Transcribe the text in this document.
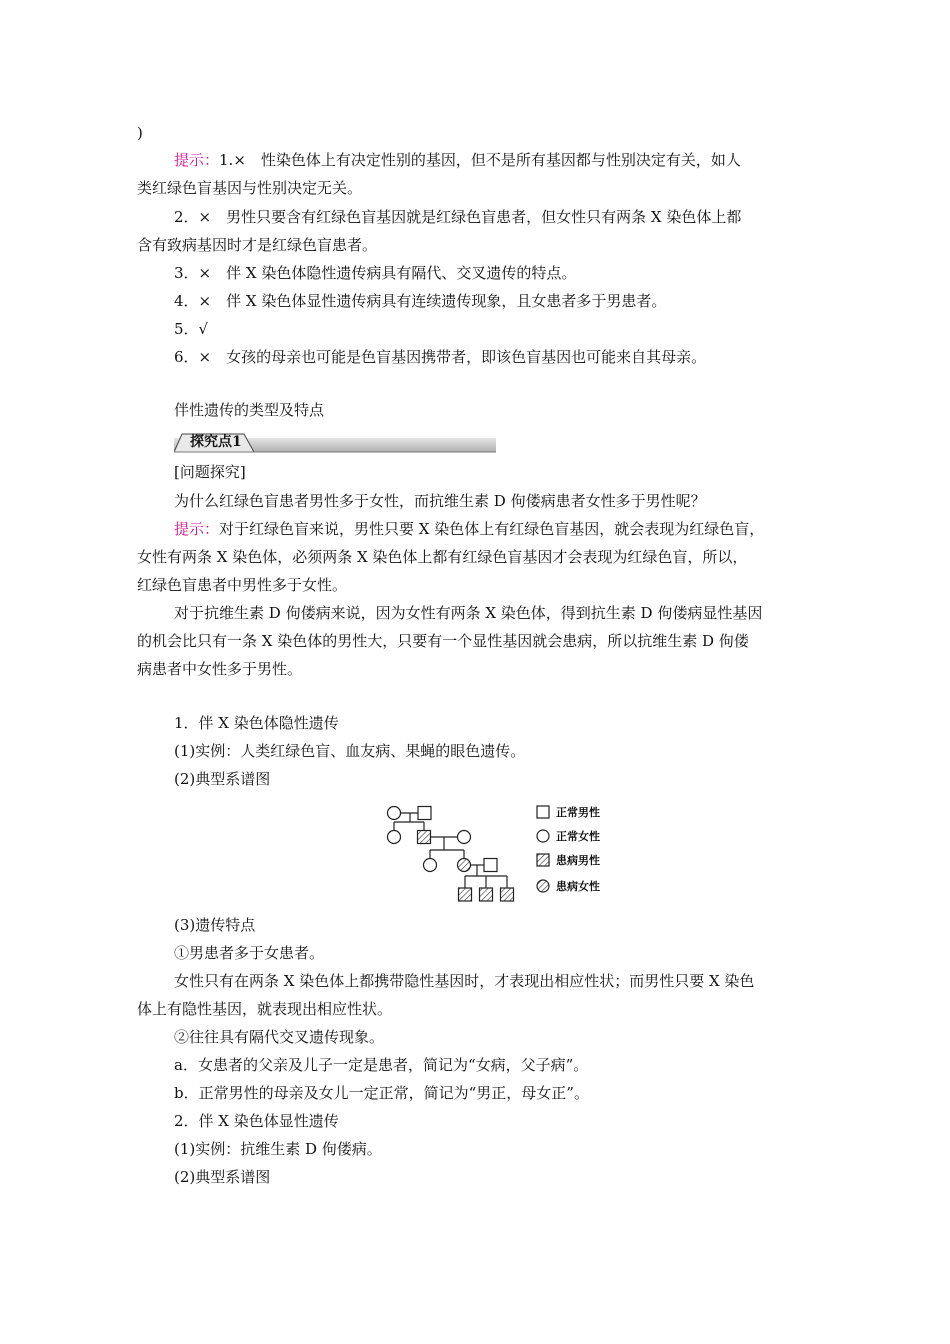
)
提示：1.×　性染色体上有决定性别的基因，但不是所有基因都与性别决定有关，如人
类红绿色盲基因与性别决定无关。
2．×　男性只要含有红绿色盲基因就是红绿色盲患者，但女性只有两条 X 染色体上都
含有致病基因时才是红绿色盲患者。
3．×　伴 X 染色体隐性遗传病具有隔代、交叉遗传的特点。
4．×　伴 X 染色体显性遗传病具有连续遗传现象，且女患者多于男患者。
5．√
6．×　女孩的母亲也可能是色盲基因携带者，即该色盲基因也可能来自其母亲。
伴性遗传的类型及特点
探究点1
[问题探究]
为什么红绿色盲患者男性多于女性，而抗维生素 D 佝偻病患者女性多于男性呢？
提示：对于红绿色盲来说，男性只要 X 染色体上有红绿色盲基因，就会表现为红绿色盲，
女性有两条 X 染色体，必须两条 X 染色体上都有红绿色盲基因才会表现为红绿色盲，所以，
红绿色盲患者中男性多于女性。
对于抗维生素 D 佝偻病来说，因为女性有两条 X 染色体，得到抗生素 D 佝偻病显性基因
的机会比只有一条 X 染色体的男性大，只要有一个显性基因就会患病，所以抗维生素 D 佝偻
病患者中女性多于男性。
1．伴 X 染色体隐性遗传
(1)实例：人类红绿色盲、血友病、果蝇的眼色遗传。
(2)典型系谱图
正常男性
正常女性
患病男性
患病女性
(3)遗传特点
①男患者多于女患者。
女性只有在两条 X 染色体上都携带隐性基因时，才表现出相应性状；而男性只要 X 染色
体上有隐性基因，就表现出相应性状。
②往往具有隔代交叉遗传现象。
a．女患者的父亲及儿子一定是患者，简记为“女病，父子病”。
b．正常男性的母亲及女儿一定正常，简记为“男正，母女正”。
2．伴 X 染色体显性遗传
(1)实例：抗维生素 D 佝偻病。
(2)典型系谱图
